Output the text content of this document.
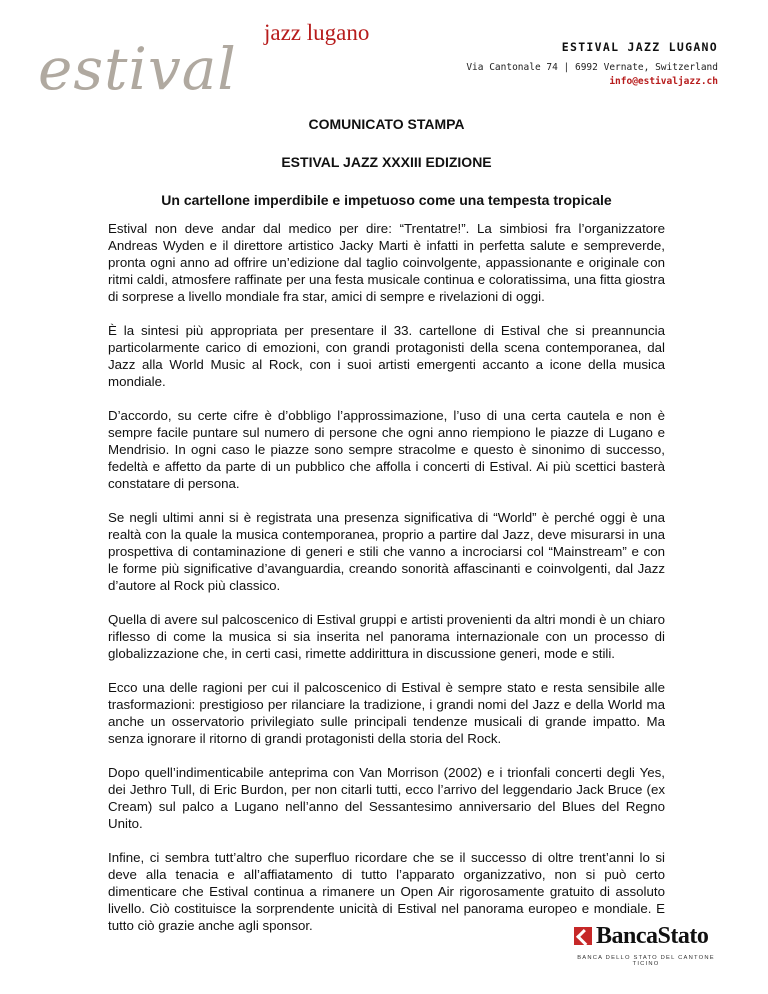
estival
jazz lugano
ESTIVAL JAZZ LUGANO
Via Cantonale 74 | 6992 Vernate, Switzerland
info@estivaljazz.ch

COMUNICATO STAMPA

ESTIVAL JAZZ XXXIII EDIZIONE

Un cartellone imperdibile e impetuoso come una tempesta tropicale

Estival non deve andar dal medico per dire: “Trentatre!”. La simbiosi fra l’organizzatore Andreas Wyden e il direttore artistico Jacky Marti è infatti in perfetta salute e sempreverde, pronta ogni anno ad offrire un’edizione dal taglio coinvolgente, appassionante e originale con ritmi caldi, atmosfere raffinate per una festa musicale continua e coloratissima, una fitta giostra di sorprese a livello mondiale fra star, amici di sempre e rivelazioni di oggi.

È la sintesi più appropriata per presentare il 33. cartellone di Estival che si preannuncia particolarmente carico di emozioni, con grandi protagonisti della scena contemporanea, dal Jazz alla World Music al Rock, con i suoi artisti emergenti accanto a icone della musica mondiale.

D’accordo, su certe cifre è d’obbligo l’approssimazione, l’uso di una certa cautela e non è sempre facile puntare sul numero di persone che ogni anno riempiono le piazze di Lugano e Mendrisio. In ogni caso le piazze sono sempre stracolme e questo è sinonimo di successo, fedeltà e affetto da parte di un pubblico che affolla i concerti di Estival. Ai più scettici basterà constatare di persona.

Se negli ultimi anni si è registrata una presenza significativa di “World” è perché oggi è una realtà con la quale la musica contemporanea, proprio a partire dal Jazz, deve misurarsi in una prospettiva di contaminazione di generi e stili che vanno a incrociarsi col “Mainstream” e con le forme più significative d’avanguardia, creando sonorità affascinanti e coinvolgenti, dal Jazz d’autore al Rock più classico.

Quella di avere sul palcoscenico di Estival gruppi e artisti provenienti da altri mondi è un chiaro riflesso di come la musica si sia inserita nel panorama internazionale con un processo di globalizzazione che, in certi casi, rimette addirittura in discussione generi, mode e stili.

Ecco una delle ragioni per cui il palcoscenico di Estival è sempre stato e resta sensibile alle trasformazioni: prestigioso per rilanciare la tradizione, i grandi nomi del Jazz e della World ma anche un osservatorio privilegiato sulle principali tendenze musicali di grande impatto. Ma senza ignorare il ritorno di grandi protagonisti della storia del Rock.

Dopo quell’indimenticabile anteprima con Van Morrison (2002) e i trionfali concerti degli Yes, dei Jethro Tull, di Eric Burdon, per non citarli tutti, ecco l’arrivo del leggendario Jack Bruce (ex Cream) sul palco a Lugano nell’anno del Sessantesimo anniversario del Blues del Regno Unito.

Infine, ci sembra tutt’altro che superfluo ricordare che se il successo di oltre trent’anni lo si deve alla tenacia e all’affiatamento di tutto l’apparato organizzativo, non si può certo dimenticare che Estival continua a rimanere un Open Air rigorosamente gratuito di assoluto livello. Ciò costituisce la sorprendente unicità di Estival nel panorama europeo e mondiale. E tutto ciò grazie anche agli sponsor.	BancaStato
BANCA DELLO STATO DEL CANTONE TICINO
